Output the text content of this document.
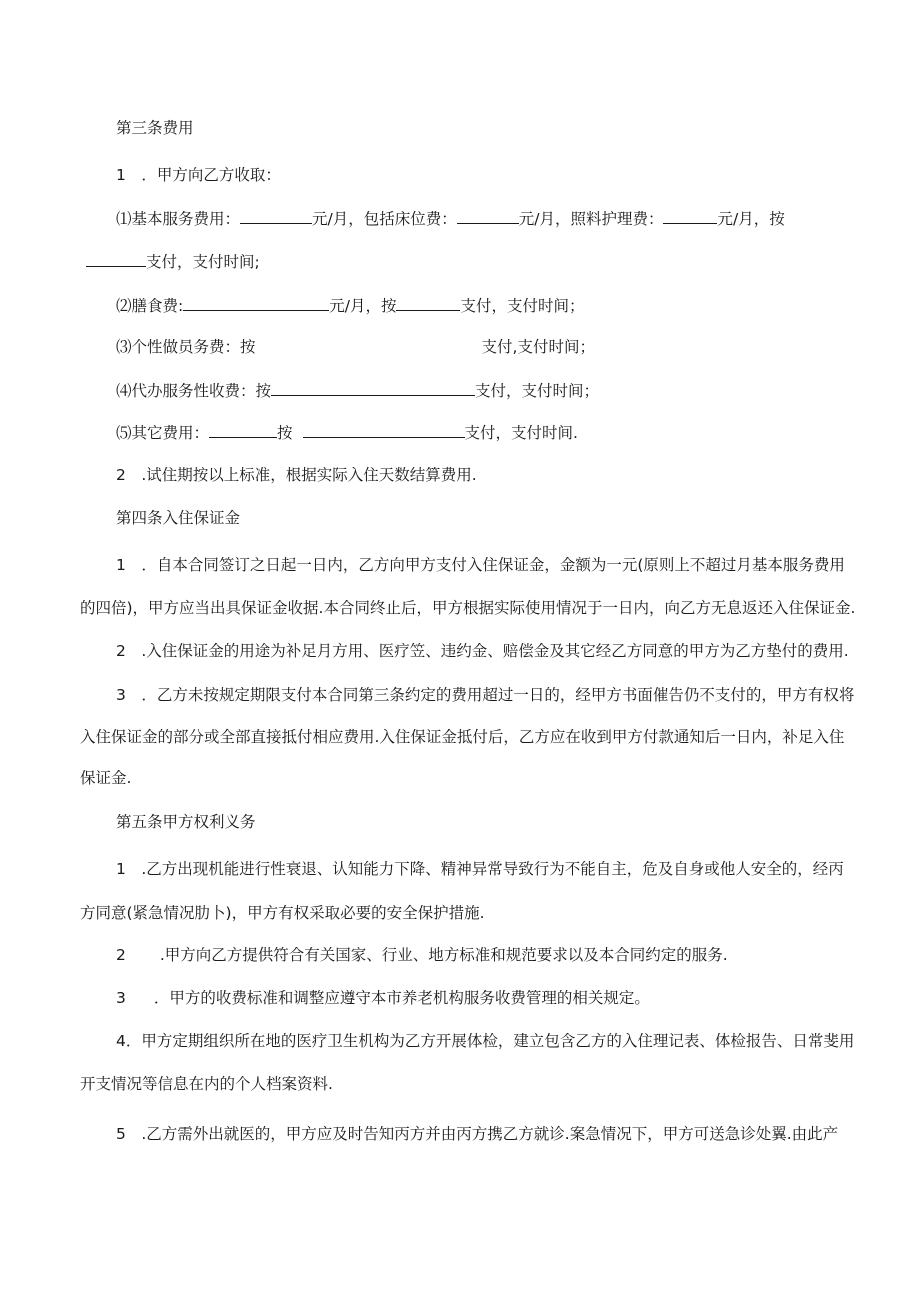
第三条费用
1　．甲方向乙方收取：
⑴基本服务费用：	元/月，包括床位费：	元/月，照料护理费：	元/月，按
支付，支付时间;
⑵膳食费:	元/月，按	支付，支付时间；
⑶个性做员务费：按	支付,支付时间；
⑷代办服务性收费：按	支付，支付时间；
⑸其它费用：	按	支付，支付时间.
2　.试住期按以上标准，根据实际入住天数结算费用.
第四条入住保证金
1　．自本合同签订之日起一日内，乙方向甲方支付入住保证金，金额为一元(原则上不超过月基本服务费用
的四倍)，甲方应当出具保证金收据.本合同终止后，甲方根据实际使用情况于一日内，向乙方无息返还入住保证金.
2　.入住保证金的用途为补足月方用、医疗笠、违约金、赔偿金及其它经乙方同意的甲方为乙方垫付的费用.
3　．乙方未按规定期限支付本合同第三条约定的费用超过一日的，经甲方书面催告仍不支付的，甲方有权将
入住保证金的部分或全部直接抵付相应费用.入住保证金抵付后，乙方应在收到甲方付款通知后一日内，补足入住
保证金.
第五条甲方权利义务
1　.乙方出现机能进行性衰退、认知能力下降、精神异常导致行为不能自主，危及自身或他人安全的，经丙
方同意(紧急情况肋卜)，甲方有权采取必要的安全保护措施.
2 .甲方向乙方提供符合有关国家、行业、地方标准和规范要求以及本合同约定的服务.
3 ．甲方的收费标准和调整应遵守本市养老机构服务收费管理的相关规定。
4．甲方定期组织所在地的医疗卫生机构为乙方开展体检，建立包含乙方的入住理记表、体检报告、日常斐用
开支情况等信息在内的个人档案资料.
5　.乙方需外出就医的，甲方应及时告知丙方并由丙方携乙方就诊.案急情况下，甲方可送急诊处翼.由此产
